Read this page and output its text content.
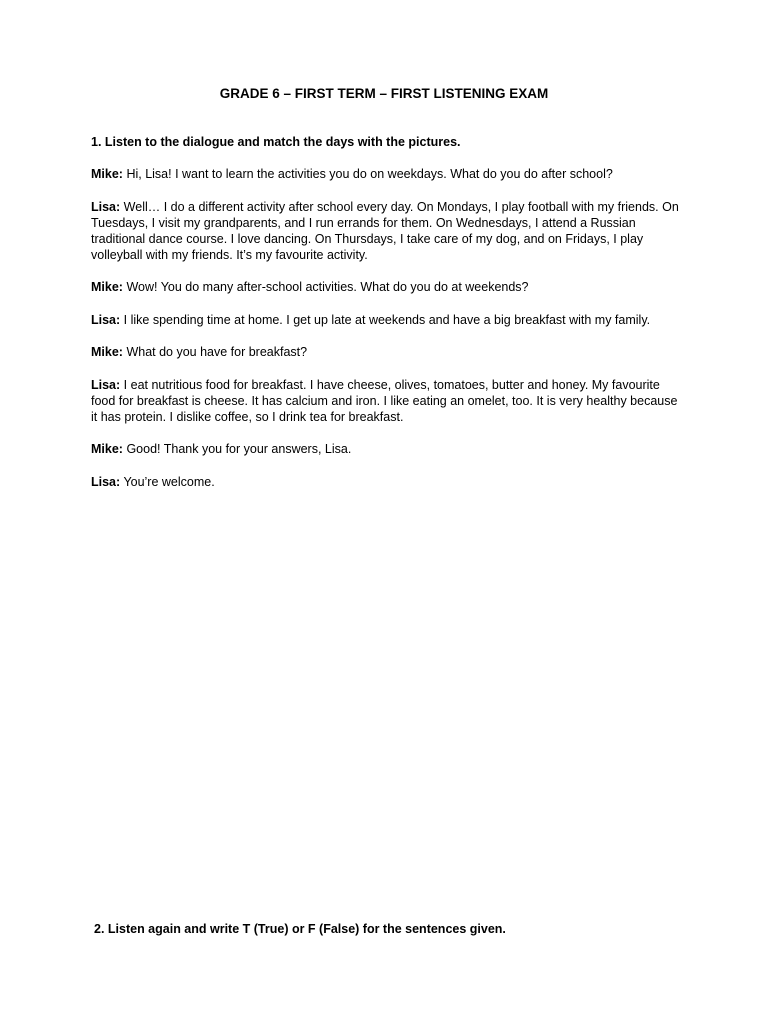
GRADE 6 – FIRST TERM – FIRST LISTENING EXAM
1. Listen to the dialogue and match the days with the pictures.

Mike: Hi, Lisa! I want to learn the activities you do on weekdays. What do you do after school?

Lisa: Well… I do a different activity after school every day. On Mondays, I play football with my friends. On Tuesdays, I visit my grandparents, and I run errands for them. On Wednesdays, I attend a Russian traditional dance course. I love dancing. On Thursdays, I take care of my dog, and on Fridays, I play volleyball with my friends. It’s my favourite activity.

Mike: Wow! You do many after-school activities. What do you do at weekends?

Lisa: I like spending time at home. I get up late at weekends and have a big breakfast with my family.

Mike: What do you have for breakfast?

Lisa: I eat nutritious food for breakfast. I have cheese, olives, tomatoes, butter and honey. My favourite food for breakfast is cheese. It has calcium and iron. I like eating an omelet, too. It is very healthy because it has protein. I dislike coffee, so I drink tea for breakfast.

Mike: Good! Thank you for your answers, Lisa.

Lisa: You’re welcome.

2. Listen again and write T (True) or F (False) for the sentences given.
